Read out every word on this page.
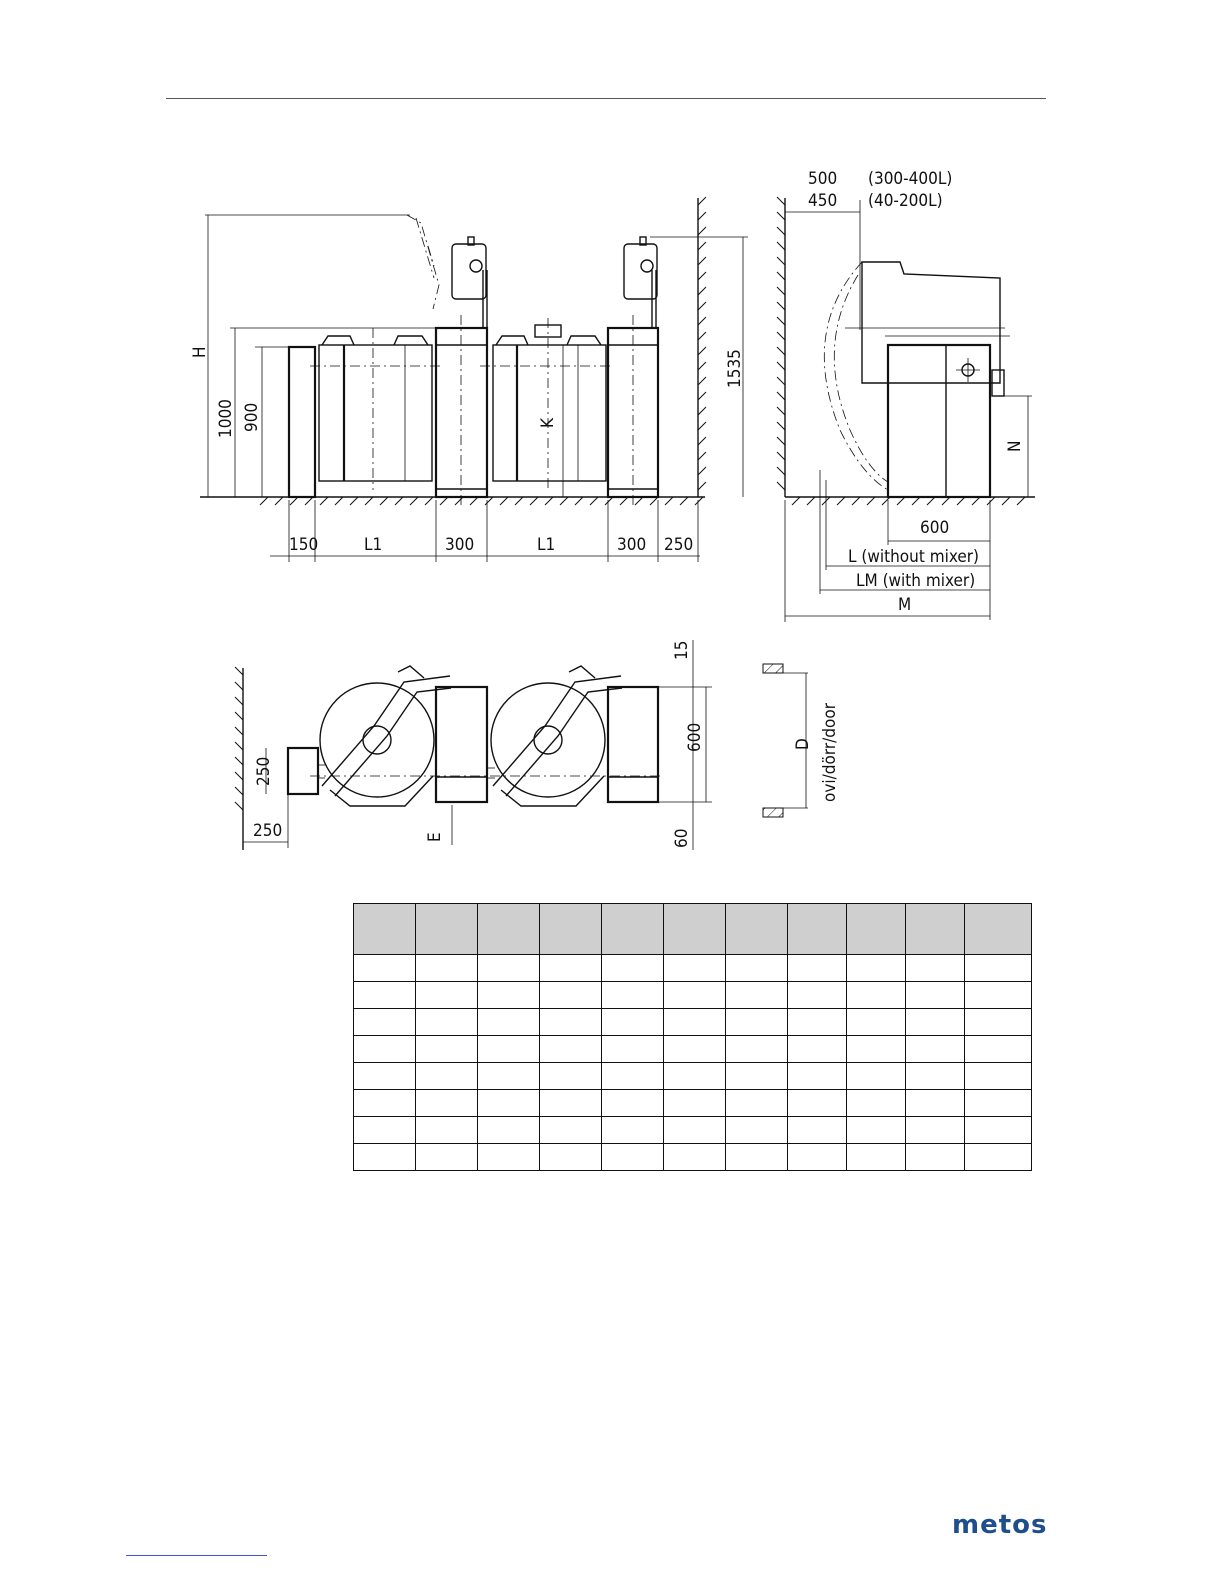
H
1000 900
1535
K
150	L1	300	L1	300 250
500 (300-400L)
450 (40-200L)
N
600
L (without mixer)
LM (with mixer)
M
250
250	E
15
600
60
D ovi/dörr/door

metos
